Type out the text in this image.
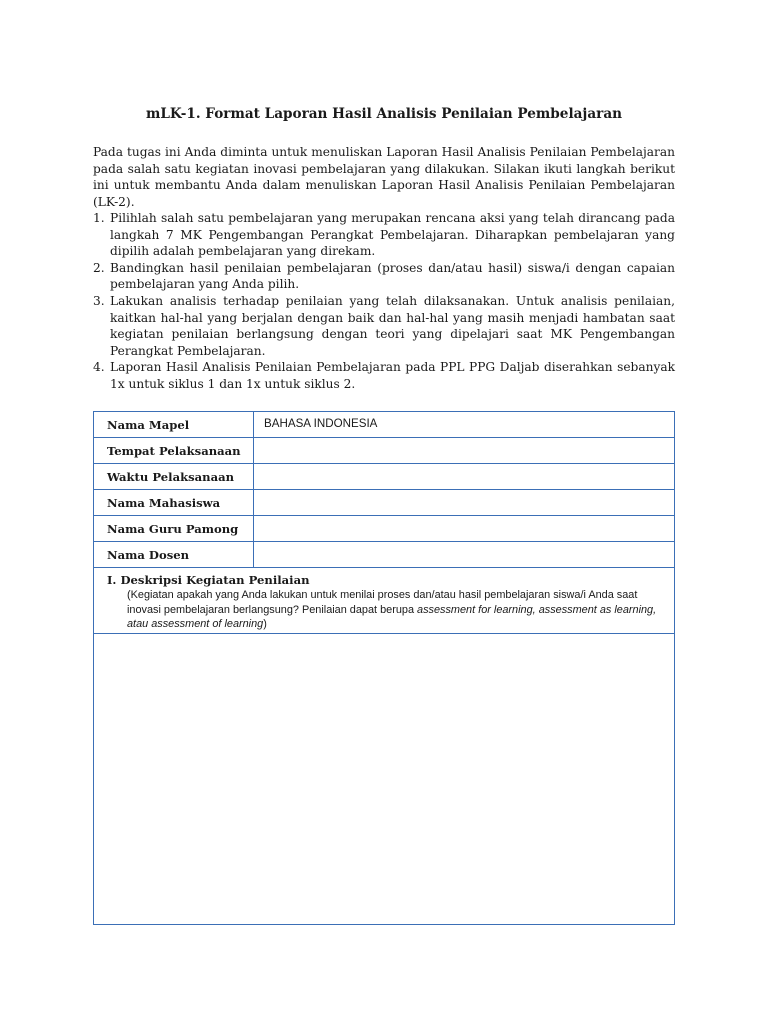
mLK-1. Format Laporan Hasil Analisis Penilaian Pembelajaran

Pada tugas ini Anda diminta untuk menuliskan Laporan Hasil Analisis Penilaian Pembelajaran pada salah satu kegiatan inovasi pembelajaran yang dilakukan. Silakan ikuti langkah berikut ini untuk membantu Anda dalam menuliskan Laporan Hasil Analisis Penilaian Pembelajaran (LK-2).

1. Pilihlah salah satu pembelajaran yang merupakan rencana aksi yang telah dirancang pada langkah 7 MK Pengembangan Perangkat Pembelajaran. Diharapkan pembelajaran yang dipilih adalah pembelajaran yang direkam.
2. Bandingkan hasil penilaian pembelajaran (proses dan/atau hasil) siswa/i dengan capaian pembelajaran yang Anda pilih.
3. Lakukan analisis terhadap penilaian yang telah dilaksanakan. Untuk analisis penilaian, kaitkan hal-hal yang berjalan dengan baik dan hal-hal yang masih menjadi hambatan saat kegiatan penilaian berlangsung dengan teori yang dipelajari saat MK Pengembangan Perangkat Pembelajaran.
4. Laporan Hasil Analisis Penilaian Pembelajaran pada PPL PPG Daljab diserahkan sebanyak 1x untuk siklus 1 dan 1x untuk siklus 2.
Nama Mapel	BAHASA INDONESIA
Tempat Pelaksanaan	
Waktu Pelaksanaan	
Nama Mahasiswa	
Nama Guru Pamong	
Nama Dosen	

I. Deskripsi Kegiatan Penilaian
(Kegiatan apakah yang Anda lakukan untuk menilai proses dan/atau hasil pembelajaran siswa/i Anda saat inovasi pembelajaran berlangsung? Penilaian dapat berupa assessment for learning, assessment as learning, atau assessment of learning)	
